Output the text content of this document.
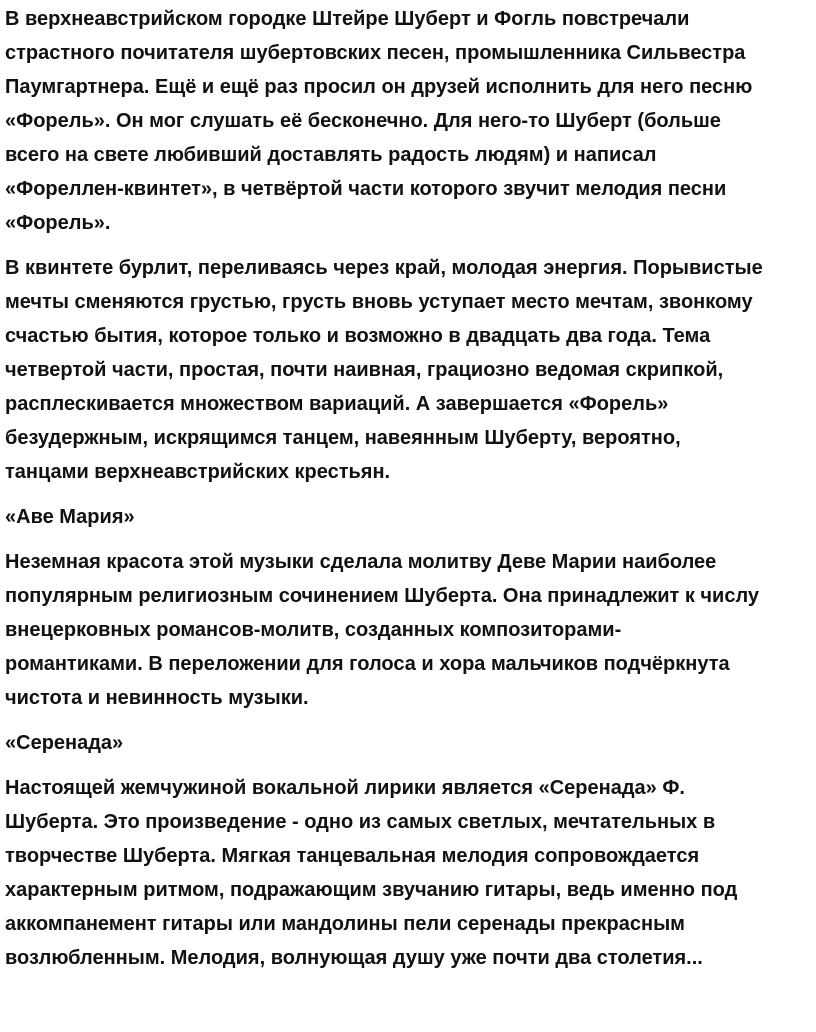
В верхнеавстрийском городке Штейре Шуберт и Фогль повстречали
страстного почитателя шубертовских песен, промышленника Сильвестра
Паумгартнера. Ещё и ещё раз просил он друзей исполнить для него песню
«Форель». Он мог слушать её бесконечно. Для него-то Шуберт (больше
всего на свете любивший доставлять радость людям) и написал
«Фореллен-квинтет», в четвёртой части которого звучит мелодия песни
«Форель».
В квинтете бурлит, переливаясь через край, молодая энергия. Порывистые
мечты сменяются грустью, грусть вновь уступает место мечтам, звонкому
счастью бытия, которое только и возможно в двадцать два года. Тема
четвертой части, простая, почти наивная, грациозно ведомая скрипкой,
расплескивается множеством вариаций. А завершается «Форель»
безудержным, искрящимся танцем, навеянным Шуберту, вероятно,
танцами верхнеавстрийских крестьян.
«Аве Мария»
Неземная красота этой музыки сделала молитву Деве Марии наиболее
популярным религиозным сочинением Шуберта. Она принадлежит к числу
внецерковных романсов-молитв, созданных композиторами-
романтиками. В переложении для голоса и хора мальчиков подчёркнута
чистота и невинность музыки.
«Серенада»
Настоящей жемчужиной вокальной лирики является «Серенада» Ф.
Шуберта. Это произведение - одно из самых светлых, мечтательных в
творчестве Шуберта. Мягкая танцевальная мелодия сопровождается
характерным ритмом, подражающим звучанию гитары, ведь именно под
аккомпанемент гитары или мандолины пели серенады прекрасным
возлюбленным. Мелодия, волнующая душу уже почти два столетия...
